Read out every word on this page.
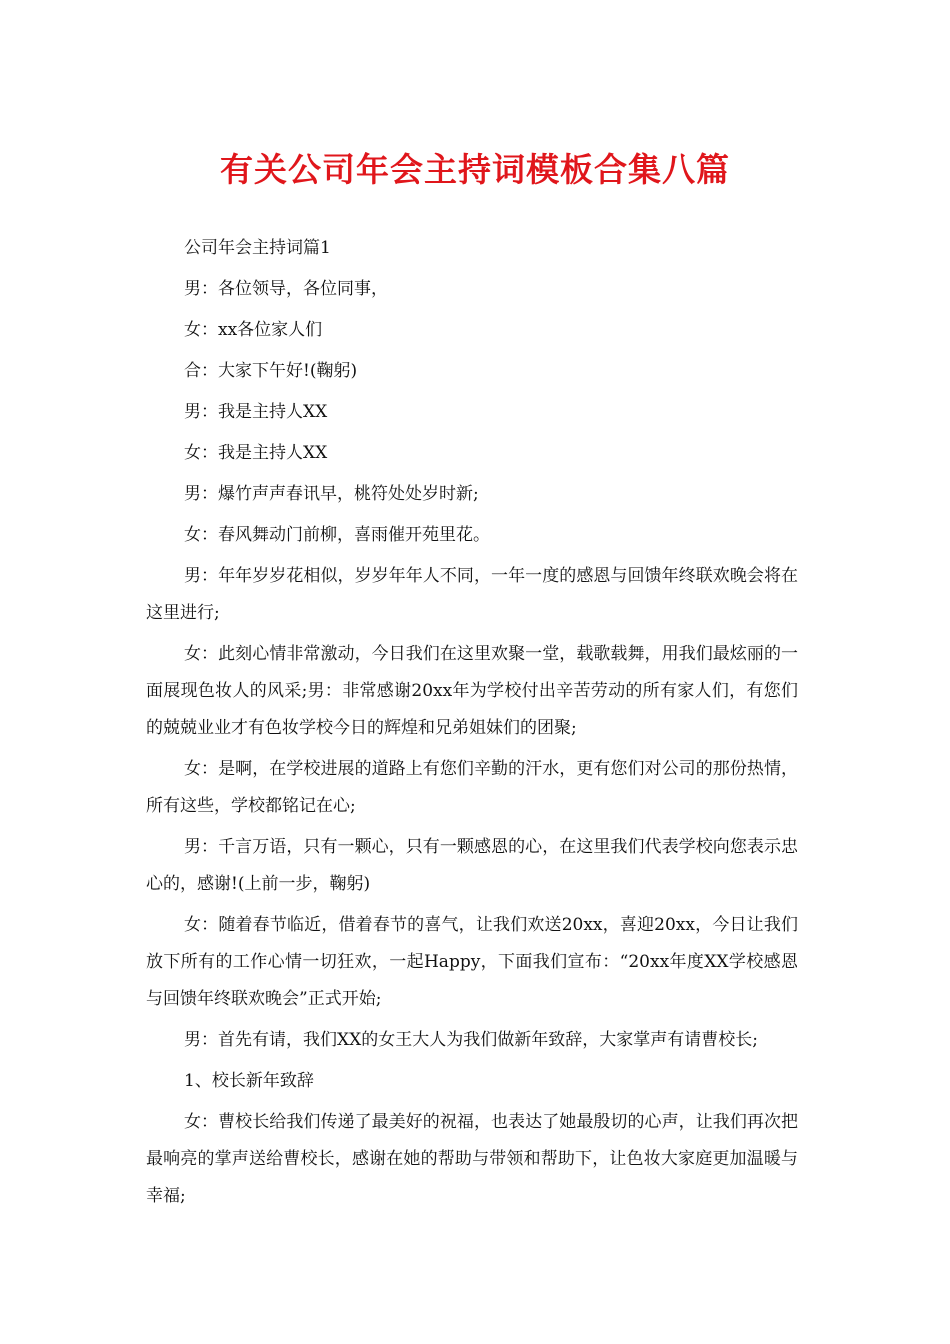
有关公司年会主持词模板合集八篇

公司年会主持词篇1

男：各位领导，各位同事，

女：xx各位家人们

合：大家下午好!(鞠躬)

男：我是主持人XX

女：我是主持人XX

男：爆竹声声春讯早，桃符处处岁时新;

女：春风舞动门前柳，喜雨催开苑里花。

男：年年岁岁花相似，岁岁年年人不同，一年一度的感恩与回馈年终联欢晚会将在这里进行;

女：此刻心情非常激动，今日我们在这里欢聚一堂，载歌载舞，用我们最炫丽的一面展现色妆人的风采;男：非常感谢20xx年为学校付出辛苦劳动的所有家人们，有您们的兢兢业业才有色妆学校今日的辉煌和兄弟姐妹们的团聚;

女：是啊，在学校进展的道路上有您们辛勤的汗水，更有您们对公司的那份热情，所有这些，学校都铭记在心;

男：千言万语，只有一颗心，只有一颗感恩的心，在这里我们代表学校向您表示忠心的，感谢!(上前一步，鞠躬)

女：随着春节临近，借着春节的喜气，让我们欢送20xx，喜迎20xx，今日让我们放下所有的工作心情一切狂欢，一起Happy，下面我们宣布：“20xx年度XX学校感恩与回馈年终联欢晚会”正式开始;

男：首先有请，我们XX的女王大人为我们做新年致辞，大家掌声有请曹校长;

1、校长新年致辞

女：曹校长给我们传递了最美好的祝福，也表达了她最殷切的心声，让我们再次把最响亮的掌声送给曹校长，感谢在她的帮助与带领和帮助下，让色妆大家庭更加温暖与幸福;
